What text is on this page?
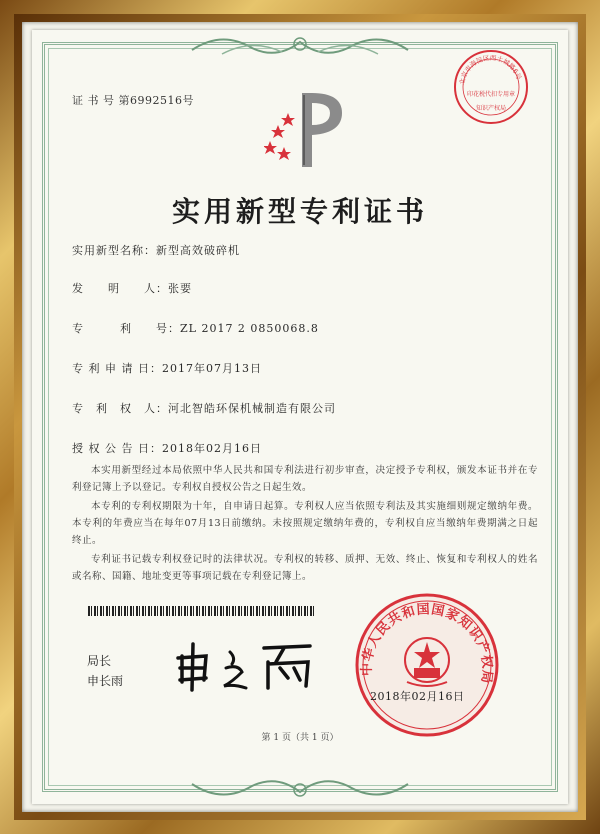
证 书 号 第6992516号
北京市海淀区西土城路6号
印花税代扣专用章
知识产权局
实用新型专利证书
实用新型名称：新型高效破碎机
发　　明　　人：张要
专　　　利　　号：ZL 2017 2 0850068.8
专 利 申 请 日：2017年07月13日
专　利　权　人：河北智皓环保机械制造有限公司
授 权 公 告 日：2018年02月16日
本实用新型经过本局依照中华人民共和国专利法进行初步审查，决定授予专利权，颁发本证书并在专利登记簿上予以登记。专利权自授权公告之日起生效。
本专利的专利权期限为十年，自申请日起算。专利权人应当依照专利法及其实施细则规定缴纳年费。本专利的年费应当在每年07月13日前缴纳。未按照规定缴纳年费的，专利权自应当缴纳年费期满之日起终止。
专利证书记载专利权登记时的法律状况。专利权的转移、质押、无效、终止、恢复和专利权人的姓名或名称、国籍、地址变更等事项记载在专利登记簿上。
局长
申长雨
中华人民共和国国家知识产权局
2018年02月16日
第 1 页（共 1 页）
